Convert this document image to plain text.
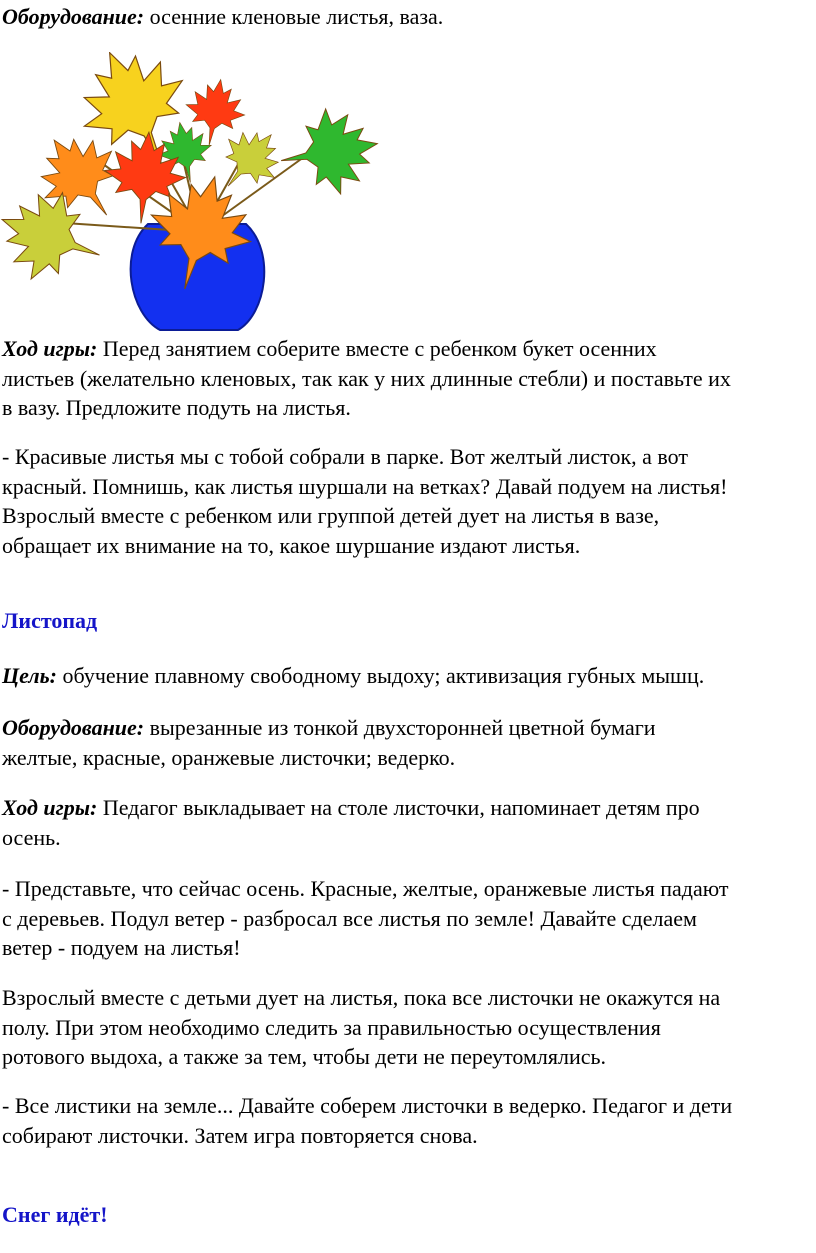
Оборудование: осенние кленовые листья, ваза.

Ход игры: Перед занятием соберите вместе с ребенком букет осенних
листьев (желательно кленовых, так как у них длинные стебли) и поставьте их
в вазу. Предложите подуть на листья.

- Красивые листья мы с тобой собрали в парке. Вот желтый листок, а вот
красный. Помнишь, как листья шуршали на ветках? Давай подуем на листья!
Взрослый вместе с ребенком или группой детей дует на листья в вазе,
обращает их внимание на то, какое шуршание издают листья.

Листопад

Цель: обучение плавному свободному выдоху; активизация губных мышц.

Оборудование: вырезанные из тонкой двухсторонней цветной бумаги
желтые, красные, оранжевые листочки; ведерко.

Ход игры: Педагог выкладывает на столе листочки, напоминает детям про
осень.

- Представьте, что сейчас осень. Красные, желтые, оранжевые листья падают
с деревьев. Подул ветер - разбросал все листья по земле! Давайте сделаем
ветер - подуем на листья!

Взрослый вместе с детьми дует на листья, пока все листочки не окажутся на
полу. При этом необходимо следить за правильностью осуществления
ротового выдоха, а также за тем, чтобы дети не переутомлялись.

- Все листики на земле... Давайте соберем листочки в ведерко. Педагог и дети
собирают листочки. Затем игра повторяется снова.

Снег идёт!
